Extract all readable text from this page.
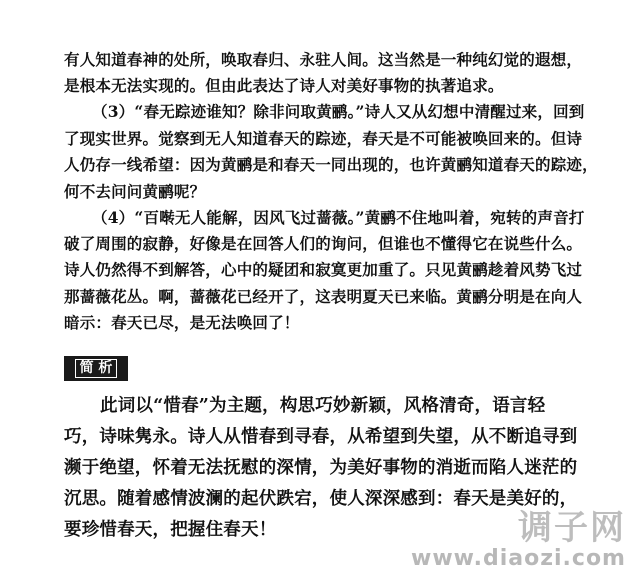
有人知道春神的处所，唤取春归、永驻人间。这当然是一种纯幻觉的遐想，
是根本无法实现的。但由此表达了诗人对美好事物的执著追求。
（3）“春无踪迹谁知？除非问取黄鹂。”诗人又从幻想中清醒过来，回到
了现实世界。觉察到无人知道春天的踪迹，春天是不可能被唤回来的。但诗
人仍存一线希望：因为黄鹂是和春天一同出现的，也许黄鹂知道春天的踪迹，
何不去问问黄鹂呢？
（4）“百啭无人能解，因风飞过蔷薇。”黄鹂不住地叫着，宛转的声音打
破了周围的寂静，好像是在回答人们的询问，但谁也不懂得它在说些什么。
诗人仍然得不到解答，心中的疑团和寂寞更加重了。只见黄鹂趁着风势飞过
那蔷薇花丛。啊，蔷薇花已经开了，这表明夏天已来临。黄鹂分明是在向人
暗示：春天已尽，是无法唤回了！
简 析
此词以“惜春”为主题，构思巧妙新颖，风格清奇，语言轻
巧，诗味隽永。诗人从惜春到寻春，从希望到失望，从不断追寻到
濒于绝望，怀着无法抚慰的深情，为美好事物的消逝而陷人迷茫的
沉思。随着感情波澜的起伏跌宕，使人深深感到：春天是美好的，
要珍惜春天，把握住春天！	调子网
www.diaozi.com
